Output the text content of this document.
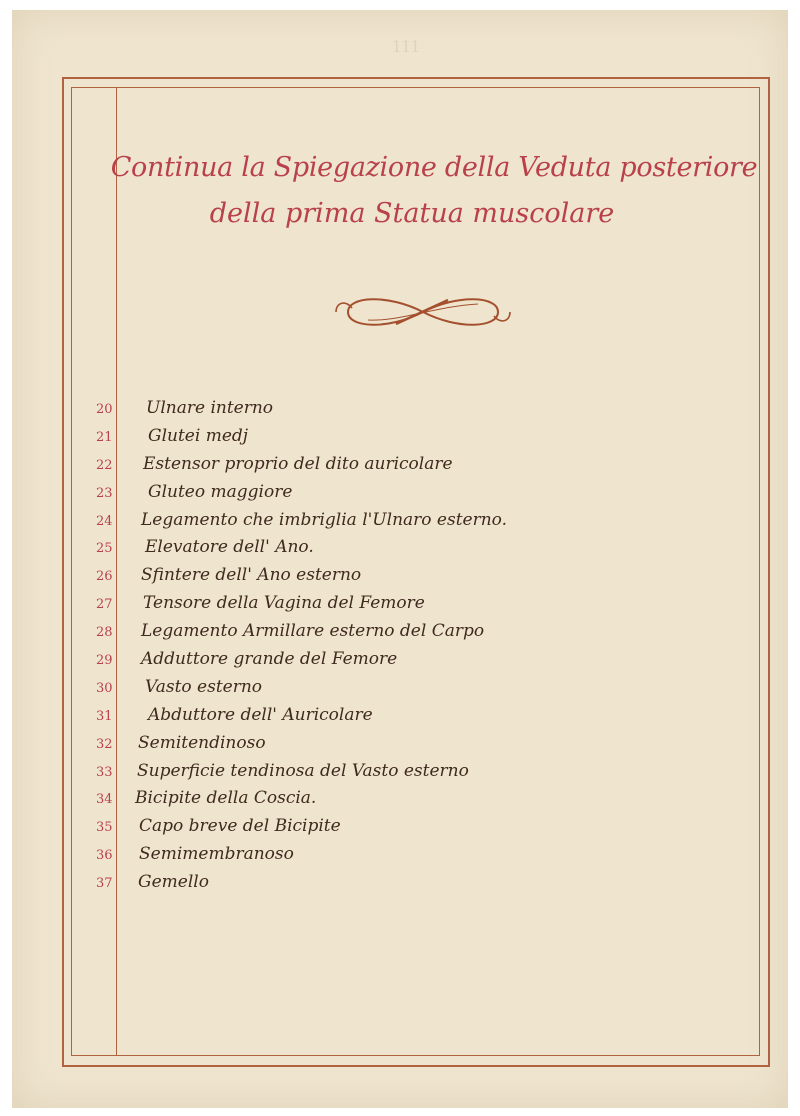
111
Continua la Spiegazione della Veduta posteriore
della prima Statua muscolare
20	Ulnare interno
21	Glutei medj
22	Estensor proprio del dito auricolare
23	Gluteo maggiore
24	Legamento che imbriglia l'Ulnaro esterno.
25	Elevatore dell' Ano.
26	Sfintere dell' Ano esterno
27	Tensore della Vagina del Femore
28	Legamento Armillare esterno del Carpo
29	Adduttore grande del Femore
30	Vasto esterno
31	Abduttore dell' Auricolare
32	Semitendinoso
33	Superficie tendinosa del Vasto esterno
34	Bicipite della Coscia.
35	Capo breve del Bicipite
36	Semimembranoso
37	Gemello
